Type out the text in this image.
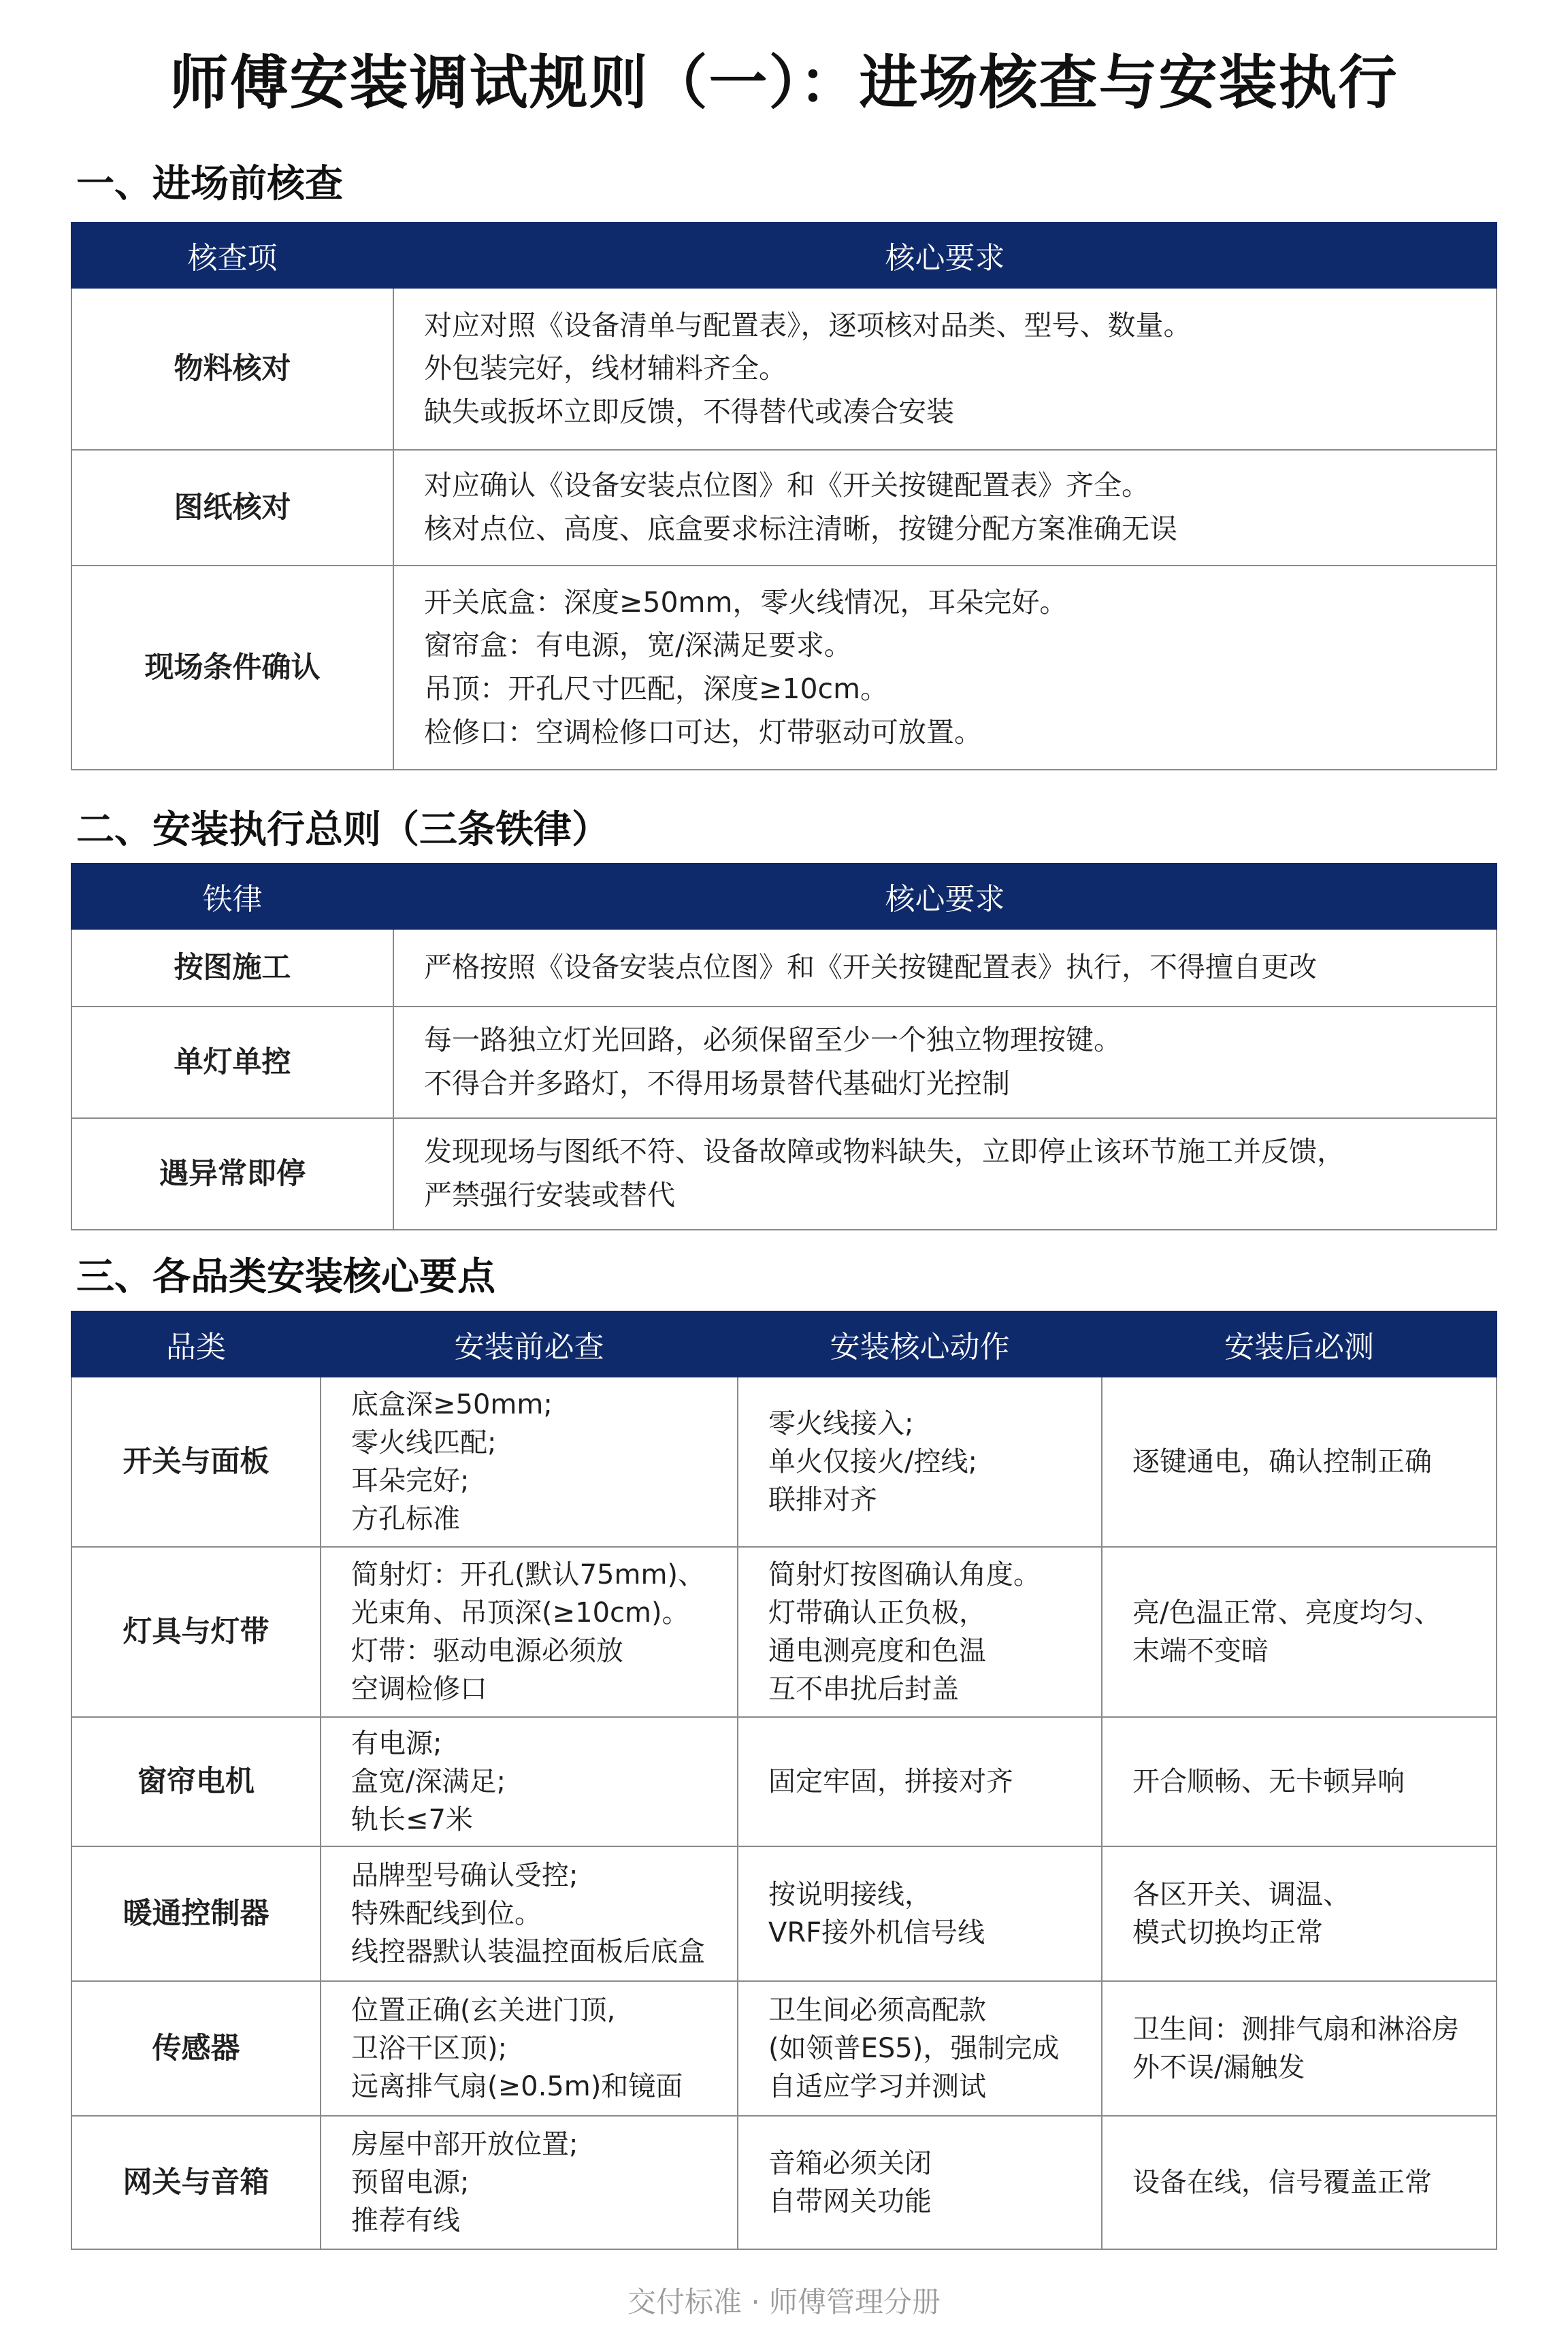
师傅安装调试规则（一）：进场核查与安装执行
一、进场前核查
核查项	核心要求
物料核对	对应对照《设备清单与配置表》，逐项核对品类、型号、数量。
外包装完好，线材辅料齐全。
缺失或扳坏立即反馈，不得替代或凑合安装

图纸核对	对应确认《设备安装点位图》和《开关按键配置表》齐全。
核对点位、高度、底盒要求标注清晰，按键分配方案准确无误

现场条件确认	开关底盒：深度≥50mm，零火线情况，耳朵完好。
窗帘盒：有电源，宽/深满足要求。
吊顶：开孔尺寸匹配，深度≥10cm。
检修口：空调检修口可达，灯带驱动可放置。
二、安装执行总则（三条铁律）
铁律	核心要求
按图施工	严格按照《设备安装点位图》和《开关按键配置表》执行，不得擅自更改

单灯单控	每一路独立灯光回路，必须保留至少一个独立物理按键。
不得合并多路灯，不得用场景替代基础灯光控制

遇异常即停	发现现场与图纸不符、设备故障或物料缺失，立即停止该环节施工并反馈，
严禁强行安装或替代
三、各品类安装核心要点
品类	安装前必查	安装核心动作	安装后必测
开关与面板	底盒深≥50mm;
零火线匹配;
耳朵完好;
方孔标准	零火线接入;
单火仅接火/控线;
联排对齐	逐键通电，确认控制正确

灯具与灯带	简射灯：开孔(默认75mm)、
光束角、吊顶深(≥10cm)。
灯带：驱动电源必须放
空调检修口	简射灯按图确认角度。
灯带确认正负极，
通电测亮度和色温
互不串扰后封盖	亮/色温正常、亮度均匀、
末端不变暗

窗帘电机	有电源;
盒宽/深满足;
轨长≤7米	固定牢固，拼接对齐	开合顺畅、无卡顿异响

暖通控制器	品牌型号确认受控;
特殊配线到位。
线控器默认装温控面板后底盒	按说明接线，
VRF接外机信号线	各区开关、调温、
模式切换均正常

传感器	位置正确(玄关进门顶,
卫浴干区顶);
远离排气扇(≥0.5m)和镜面	卫生间必须高配款
(如领普ES5)，强制完成
自适应学习并测试	卫生间：测排气扇和淋浴房
外不误/漏触发

网关与音箱	房屋中部开放位置;
预留电源;
推荐有线	音箱必须关闭
自带网关功能	设备在线，信号覆盖正常
交付标准 · 师傅管理分册
